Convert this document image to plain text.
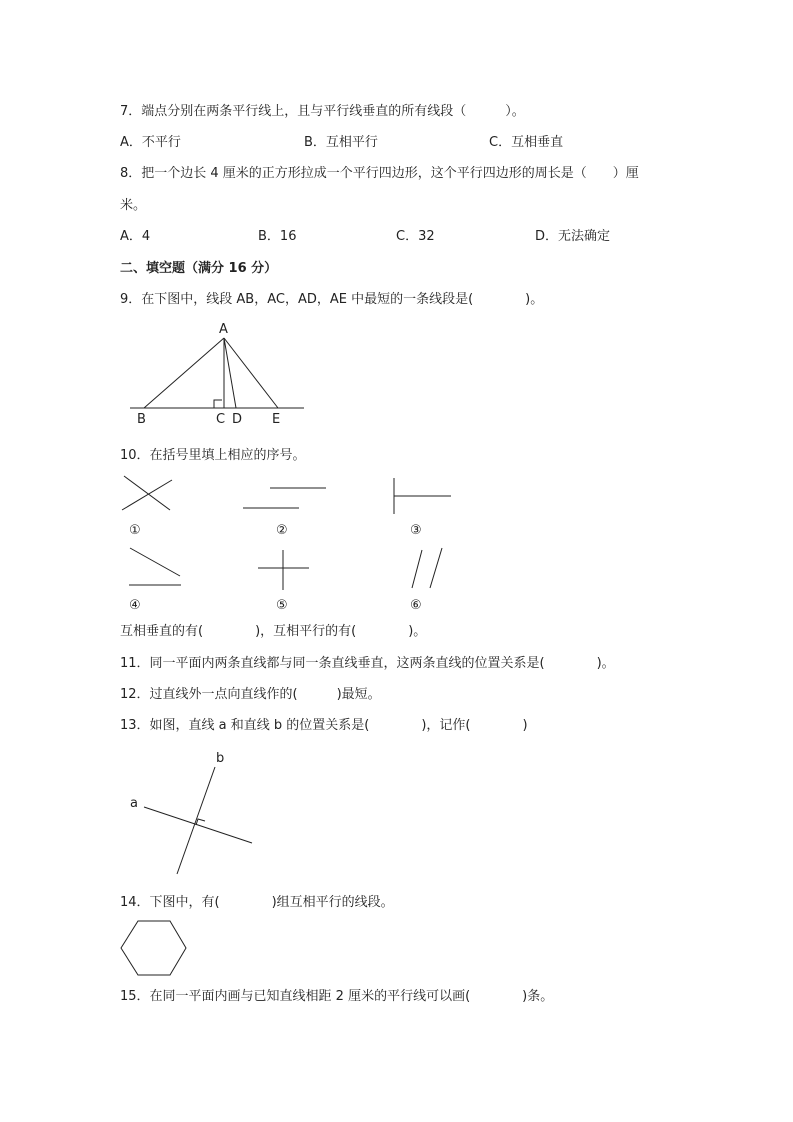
7．端点分别在两条平行线上，且与平行线垂直的所有线段（　　　）。
A．不平行	B．互相平行	C．互相垂直
8．把一个边长 4 厘米的正方形拉成一个平行四边形，这个平行四边形的周长是（　　）厘
米。
A．4	B．16	C．32	D．无法确定
二、填空题（满分 16 分）
9．在下图中，线段 AB，AC，AD，AE 中最短的一条线段是(　　　　)。
A
B	C D E
10．在括号里填上相应的序号。
①	②	③
④	⑤	⑥
互相垂直的有(　　　　)，互相平行的有(　　　　)。
11．同一平面内两条直线都与同一条直线垂直，这两条直线的位置关系是(　　　　)。
12．过直线外一点向直线作的(　　　)最短。
13．如图，直线 a 和直线 b 的位置关系是(　　　　)，记作(　　　　)
a
b
14．下图中，有(　　　　)组互相平行的线段。
15．在同一平面内画与已知直线相距 2 厘米的平行线可以画(　　　　)条。
